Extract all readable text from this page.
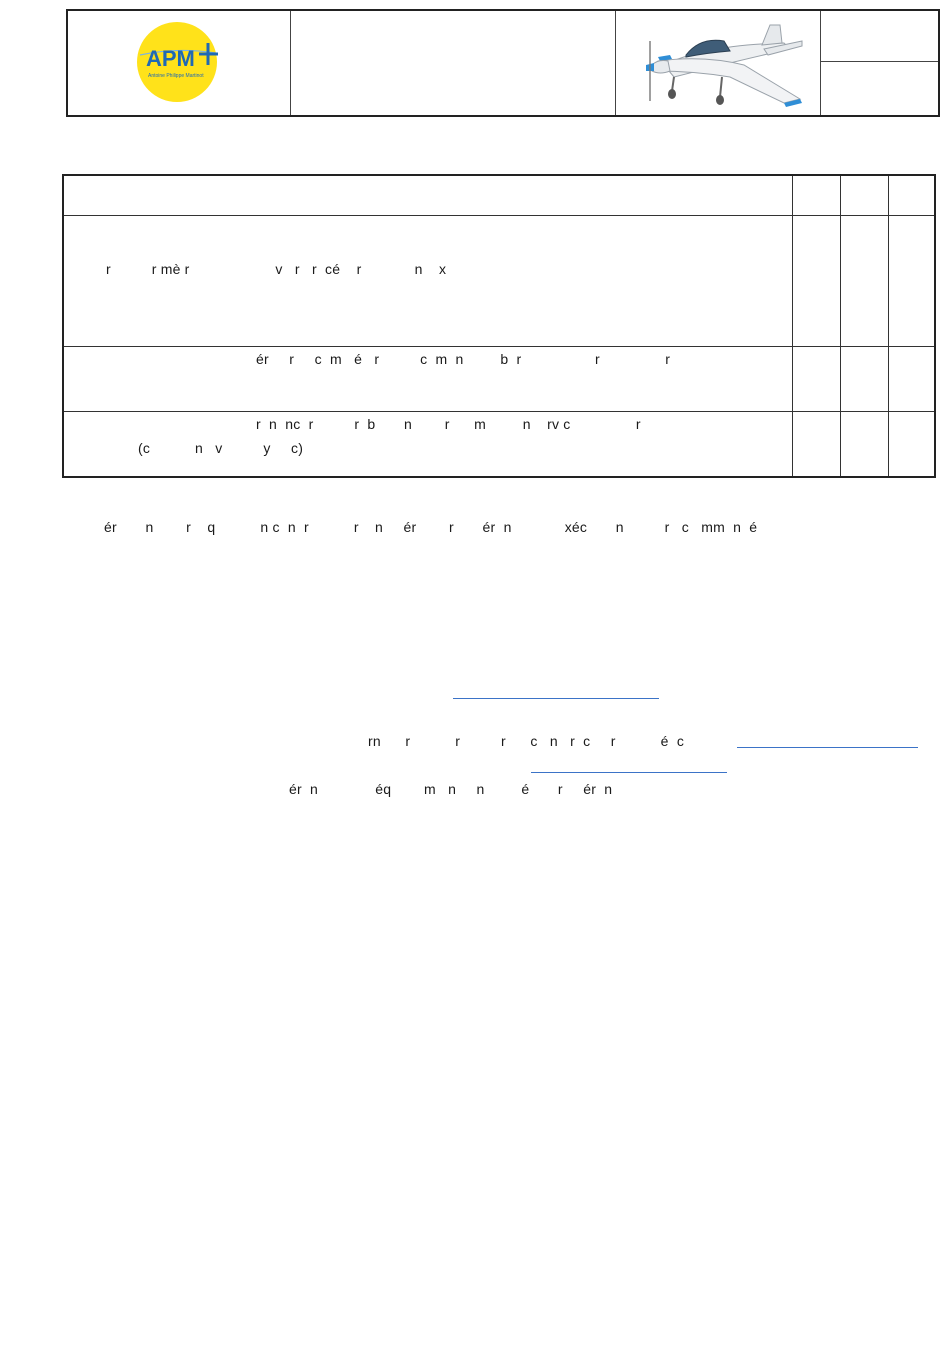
APM
Antoine Philippe Martinot
r          r mè r                     v   r   r  cé    r             n    x
ér     r     c  m   é   r          c  m  n         b  r                  r                r
r  n  nc  r          r  b       n        r      m         n    rv c                r
(c           n   v          y     c)
ér       n        r    q           n c  n  r           r    n     ér        r       ér  n             xéc       n          r   c   mm  n  é
rn      r           r          r      c   n   r  c     r           é  c
ér  n              éq        m   n     n         é       r     ér  n
